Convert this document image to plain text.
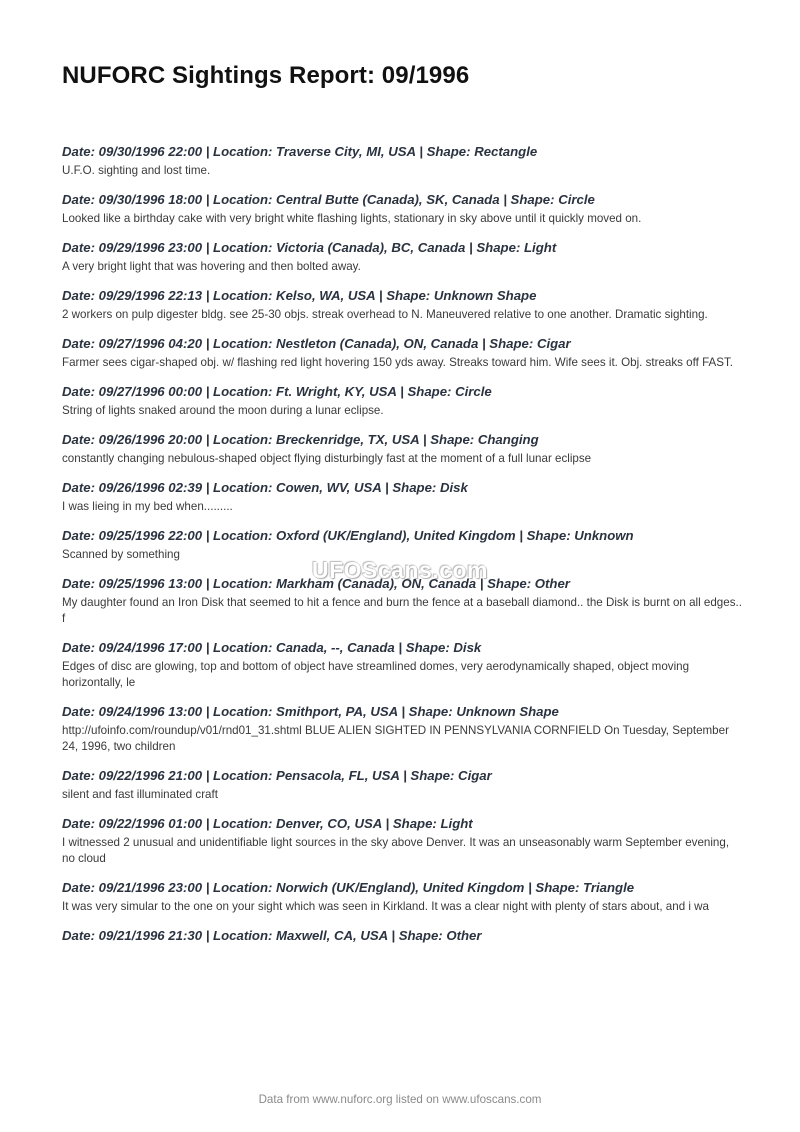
NUFORC Sightings Report: 09/1996

Date: 09/30/1996 22:00 | Location: Traverse City, MI, USA | Shape: Rectangle

U.F.O. sighting and lost time.

Date: 09/30/1996 18:00 | Location: Central Butte (Canada), SK, Canada | Shape: Circle

Looked like a birthday cake with very bright white flashing lights, stationary in sky above until it quickly moved on.

Date: 09/29/1996 23:00 | Location: Victoria (Canada), BC, Canada | Shape: Light

A very bright light that was hovering and then bolted away.

Date: 09/29/1996 22:13 | Location: Kelso, WA, USA | Shape: Unknown Shape

2 workers on pulp digester bldg. see 25-30 objs. streak overhead to N. Maneuvered relative to one another. Dramatic sighting.

Date: 09/27/1996 04:20 | Location: Nestleton (Canada), ON, Canada | Shape: Cigar

Farmer sees cigar-shaped obj. w/ flashing red light hovering 150 yds away. Streaks toward him. Wife sees it. Obj. streaks off FAST.

Date: 09/27/1996 00:00 | Location: Ft. Wright, KY, USA | Shape: Circle

String of lights snaked around the moon during a lunar eclipse.

Date: 09/26/1996 20:00 | Location: Breckenridge, TX, USA | Shape: Changing

constantly changing nebulous-shaped object flying disturbingly fast at the moment of a full lunar eclipse

Date: 09/26/1996 02:39 | Location: Cowen, WV, USA | Shape: Disk

I was lieing in my bed when.........

Date: 09/25/1996 22:00 | Location: Oxford (UK/England), United Kingdom | Shape: Unknown

Scanned by something

Date: 09/25/1996 13:00 | Location: Markham (Canada), ON, Canada | Shape: Other

My daughter found an Iron Disk that seemed to hit a fence and burn the fence at a baseball diamond.. the Disk is burnt on all edges.. f

Date: 09/24/1996 17:00 | Location: Canada, --, Canada | Shape: Disk

Edges of disc are glowing, top and bottom of object have streamlined domes, very aerodynamically shaped, object moving horizontally, le

Date: 09/24/1996 13:00 | Location: Smithport, PA, USA | Shape: Unknown Shape

http://ufoinfo.com/roundup/v01/rnd01_31.shtml BLUE ALIEN SIGHTED IN PENNSYLVANIA CORNFIELD On Tuesday, September 24, 1996, two children

Date: 09/22/1996 21:00 | Location: Pensacola, FL, USA | Shape: Cigar

silent and fast illuminated craft

Date: 09/22/1996 01:00 | Location: Denver, CO, USA | Shape: Light

I witnessed 2 unusual and unidentifiable light sources in the sky above Denver. It was an unseasonably warm September evening, no cloud

Date: 09/21/1996 23:00 | Location: Norwich (UK/England), United Kingdom | Shape: Triangle

It was very simular to the one on your sight which was seen in Kirkland. It was a clear night with plenty of stars about, and i wa

Date: 09/21/1996 21:30 | Location: Maxwell, CA, USA | Shape: Other

UFOScans.com
Data from www.nuforc.org listed on www.ufoscans.com
